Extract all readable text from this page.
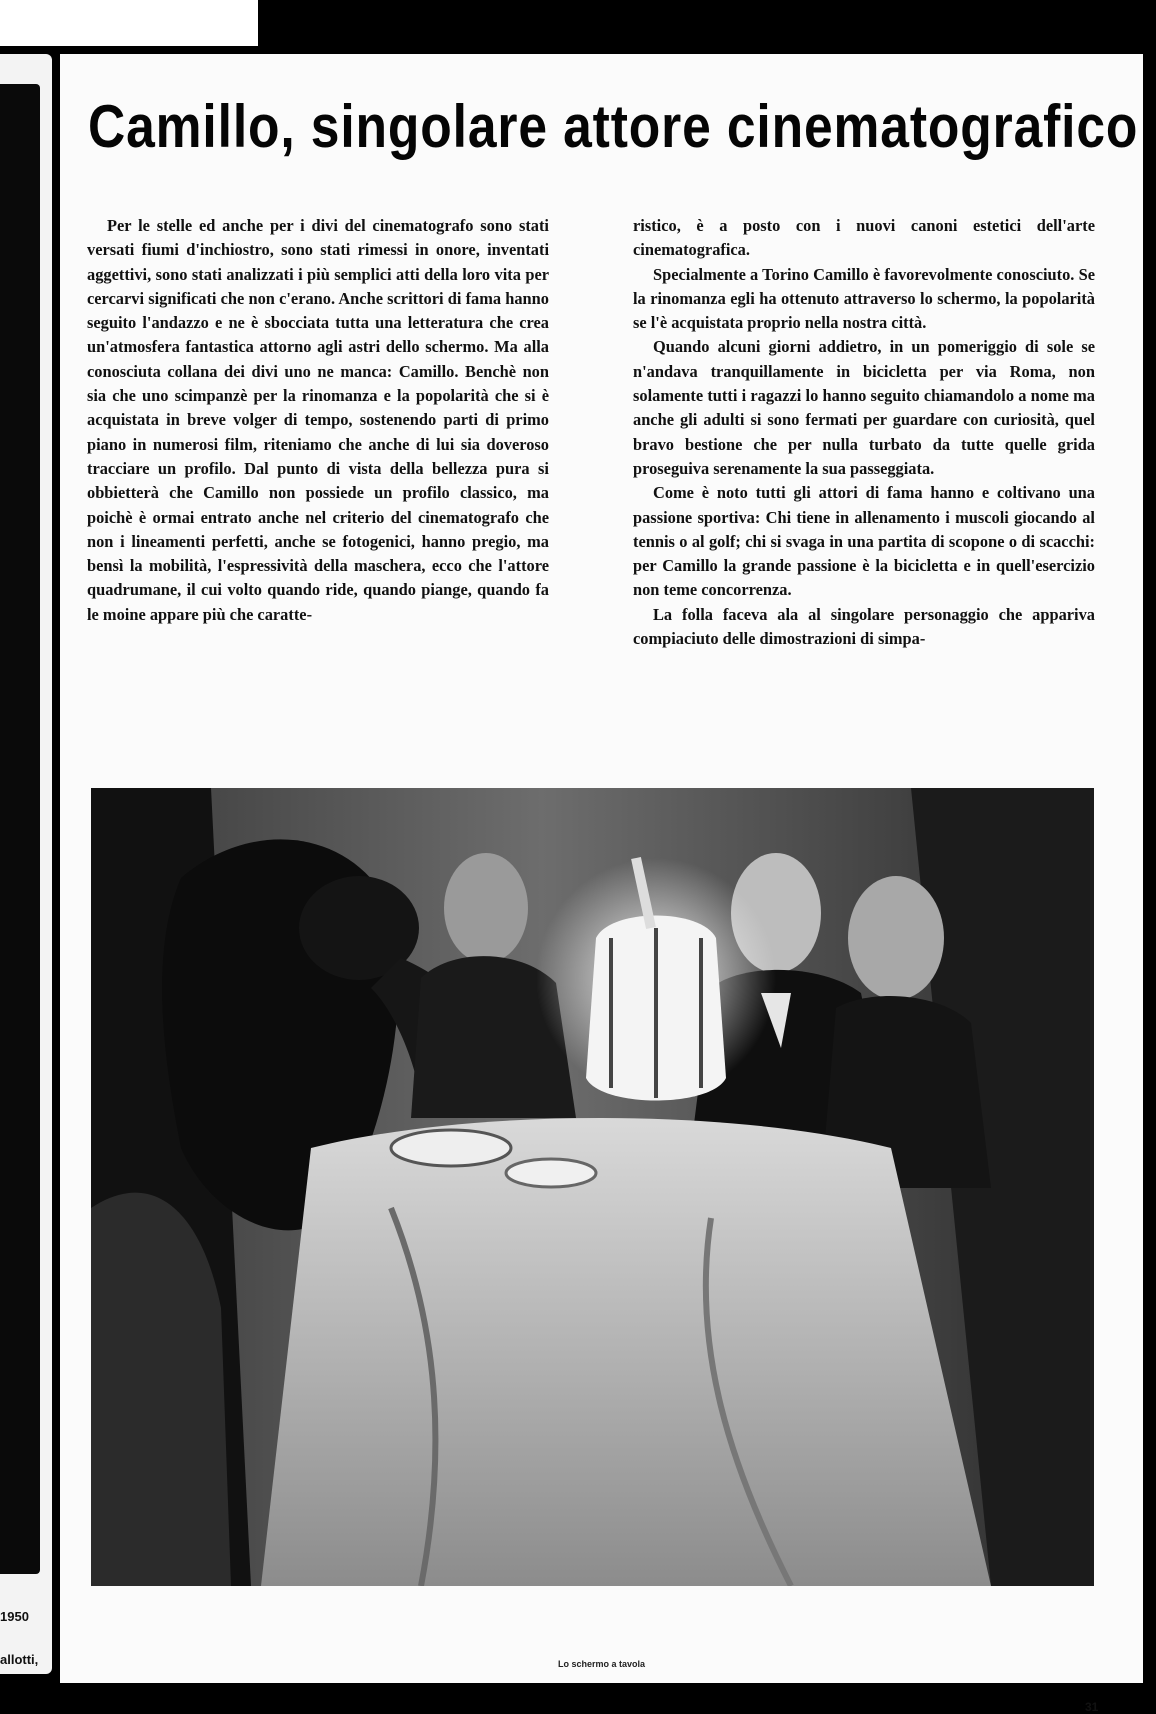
1950
allotti,
Camillo, singolare attore cinematografico

Per le stelle ed anche per i divi del cinematografo sono stati versati fiumi d'inchiostro, sono stati rimessi in onore, inventati aggettivi, sono stati analizzati i più semplici atti della loro vita per cercarvi significati che non c'erano. Anche scrittori di fama hanno seguito l'andazzo e ne è sbocciata tutta una letteratura che crea un'atmosfera fantastica attorno agli astri dello schermo. Ma alla conosciuta collana dei divi uno ne manca: Camillo. Benchè non sia che uno scimpanzè per la rinomanza e la popolarità che si è acquistata in breve volger di tempo, sostenendo parti di primo piano in numerosi film, riteniamo che anche di lui sia doveroso tracciare un profilo. Dal punto di vista della bellezza pura si obbietterà che Camillo non possiede un profilo classico, ma poichè è ormai entrato anche nel criterio del cinematografo che non i lineamenti perfetti, anche se fotogenici, hanno pregio, ma bensì la mobilità, l'espressività della maschera, ecco che l'attore quadrumane, il cui volto quando ride, quando piange, quando fa le moine appare più che caratte-

ristico, è a posto con i nuovi canoni estetici dell'arte cinematografica.

Specialmente a Torino Camillo è favorevolmente conosciuto. Se la rinomanza egli ha ottenuto attraverso lo schermo, la popolarità se l'è acquistata proprio nella nostra città.

Quando alcuni giorni addietro, in un pomeriggio di sole se n'andava tranquillamente in bicicletta per via Roma, non solamente tutti i ragazzi lo hanno seguito chiamandolo a nome ma anche gli adulti si sono fermati per guardare con curiosità, quel bravo bestione che per nulla turbato da tutte quelle grida proseguiva serenamente la sua passeggiata.

Come è noto tutti gli attori di fama hanno e coltivano una passione sportiva: Chi tiene in allenamento i muscoli giocando al tennis o al golf; chi si svaga in una partita di scopone o di scacchi: per Camillo la grande passione è la bicicletta e in quell'esercizio non teme concorrenza.

La folla faceva ala al singolare personaggio che appariva compiaciuto delle dimostrazioni di simpa-

Lo schermo a tavola
31
